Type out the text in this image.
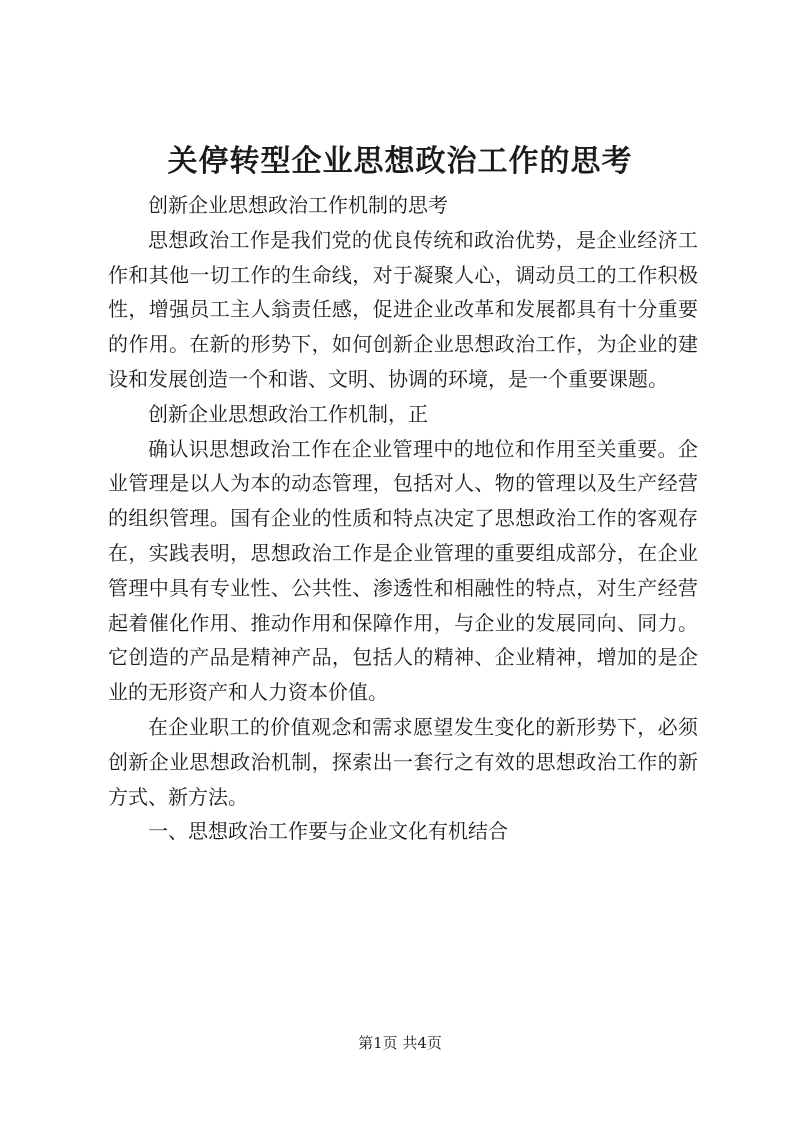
关停转型企业思想政治工作的思考

创新企业思想政治工作机制的思考

思想政治工作是我们党的优良传统和政治优势，是企业经济工作和其他一切工作的生命线，对于凝聚人心，调动员工的工作积极性，增强员工主人翁责任感，促进企业改革和发展都具有十分重要的作用。在新的形势下，如何创新企业思想政治工作，为企业的建设和发展创造一个和谐、文明、协调的环境，是一个重要课题。

创新企业思想政治工作机制，正

确认识思想政治工作在企业管理中的地位和作用至关重要。企业管理是以人为本的动态管理，包括对人、物的管理以及生产经营的组织管理。国有企业的性质和特点决定了思想政治工作的客观存在，实践表明，思想政治工作是企业管理的重要组成部分，在企业管理中具有专业性、公共性、渗透性和相融性的特点，对生产经营起着催化作用、推动作用和保障作用，与企业的发展同向、同力。它创造的产品是精神产品，包括人的精神、企业精神，增加的是企业的无形资产和人力资本价值。

在企业职工的价值观念和需求愿望发生变化的新形势下，必须创新企业思想政治机制，探索出一套行之有效的思想政治工作的新方式、新方法。

一、思想政治工作要与企业文化有机结合

第1页 共4页
